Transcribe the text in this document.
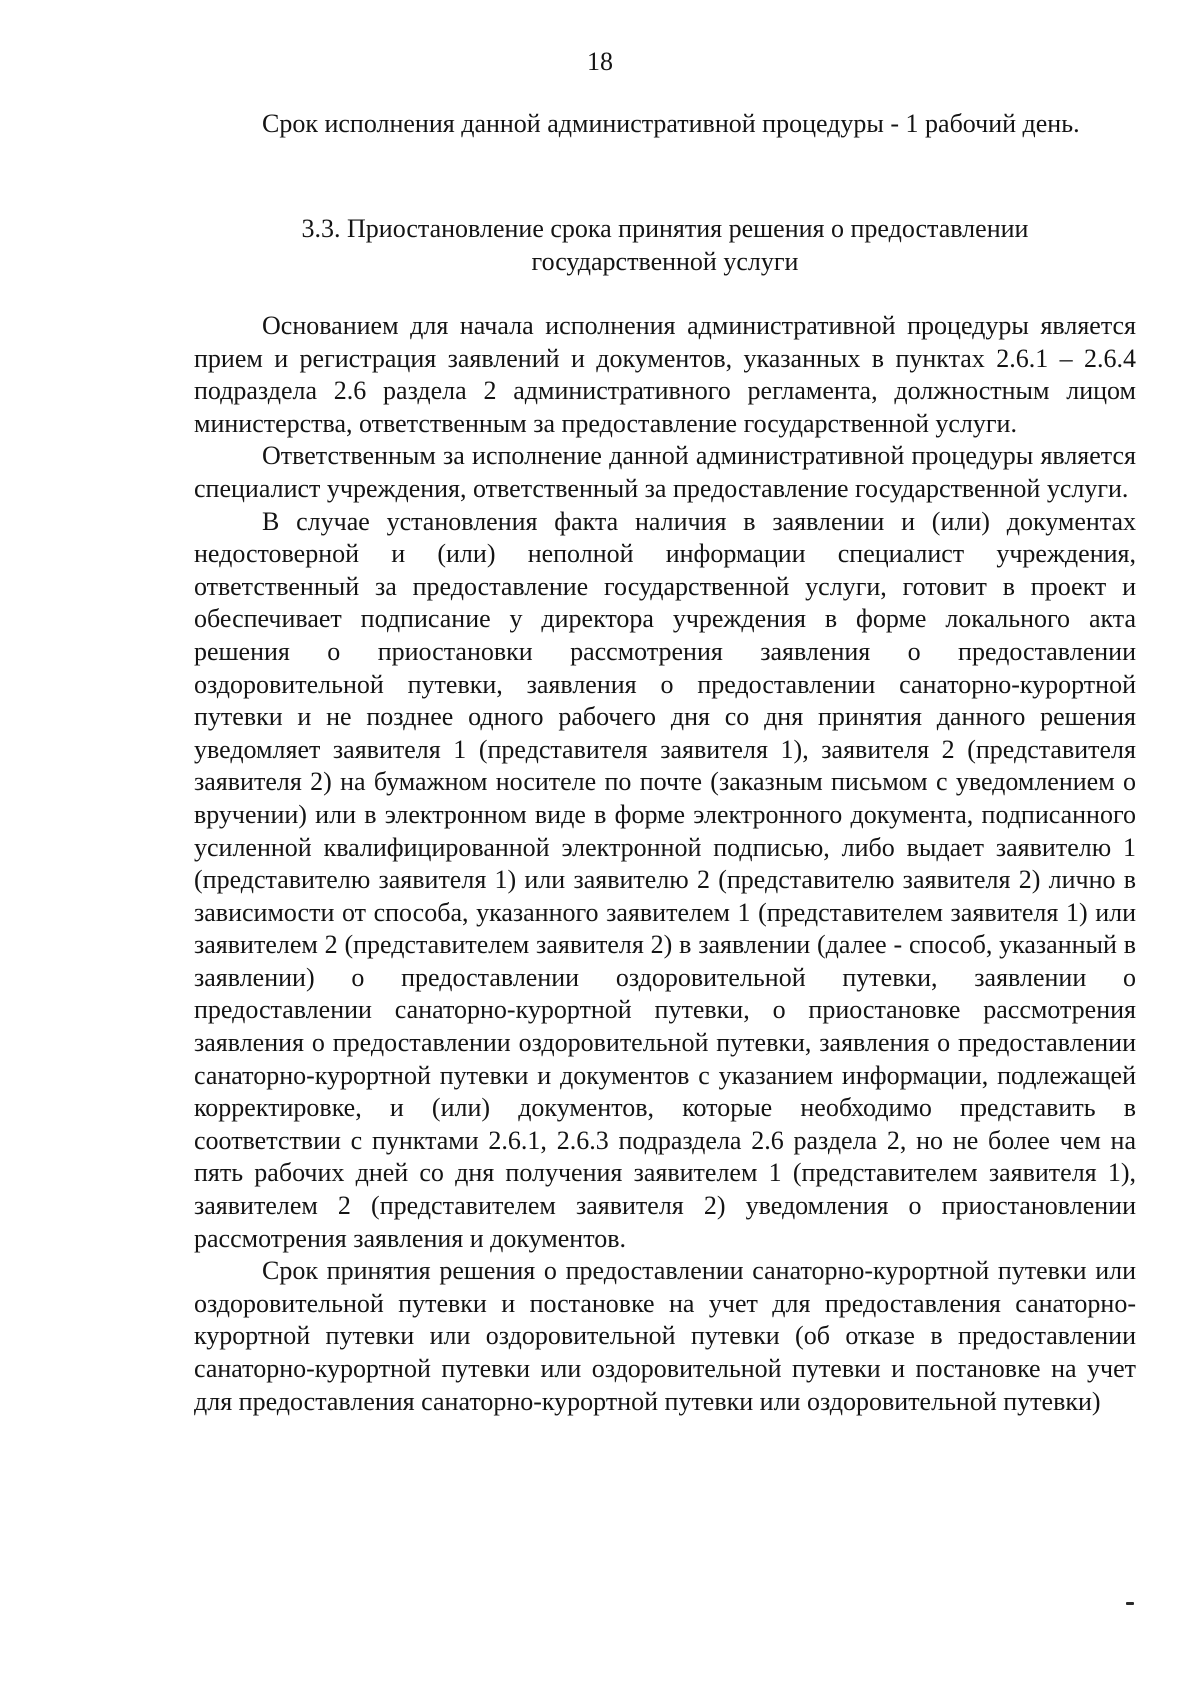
18

Срок исполнения данной административной процедуры - 1 рабочий день.

3.3. Приостановление срока принятия решения о предоставлении
государственной услуги

Основанием для начала исполнения административной процедуры является прием и регистрация заявлений и документов, указанных в пунктах 2.6.1 – 2.6.4 подраздела 2.6 раздела 2 административного регламента, должностным лицом министерства, ответственным за предоставление государственной услуги.

Ответственным за исполнение данной административной процедуры является специалист учреждения, ответственный за предоставление государственной услуги.

В случае установления факта наличия в заявлении и (или) документах недостоверной и (или) неполной информации специалист учреждения, ответственный за предоставление государственной услуги, готовит в проект и обеспечивает подписание у директора учреждения в форме локального акта решения о приостановки рассмотрения заявления о предоставлении оздоровительной путевки, заявления о предоставлении санаторно-курортной путевки и не позднее одного рабочего дня со дня принятия данного решения уведомляет заявителя 1 (представителя заявителя 1), заявителя 2 (представителя заявителя 2) на бумажном носителе по почте (заказным письмом с уведомлением о вручении) или в электронном виде в форме электронного документа, подписанного усиленной квалифицированной электронной подписью, либо выдает заявителю 1 (представителю заявителя 1) или заявителю 2 (представителю заявителя 2) лично в зависимости от способа, указанного заявителем 1 (представителем заявителя 1) или заявителем 2 (представителем заявителя 2) в заявлении (далее - способ, указанный в заявлении) о предоставлении оздоровительной путевки, заявлении о предоставлении санаторно-курортной путевки, о приостановке рассмотрения заявления о предоставлении оздоровительной путевки, заявления о предоставлении санаторно-курортной путевки и документов с указанием информации, подлежащей корректировке, и (или) документов, которые необходимо представить в соответствии с пунктами 2.6.1, 2.6.3 подраздела 2.6 раздела 2, но не более чем на пять рабочих дней со дня получения заявителем 1 (представителем заявителя 1), заявителем 2 (представителем заявителя 2) уведомления о приостановлении рассмотрения заявления и документов.

Срок принятия решения о предоставлении санаторно-курортной путевки или оздоровительной путевки и постановке на учет для предоставления санаторно-курортной путевки или оздоровительной путевки (об отказе в предоставлении санаторно-курортной путевки или оздоровительной путевки и постановке на учет для предоставления санаторно-курортной путевки или оздоровительной путевки)
